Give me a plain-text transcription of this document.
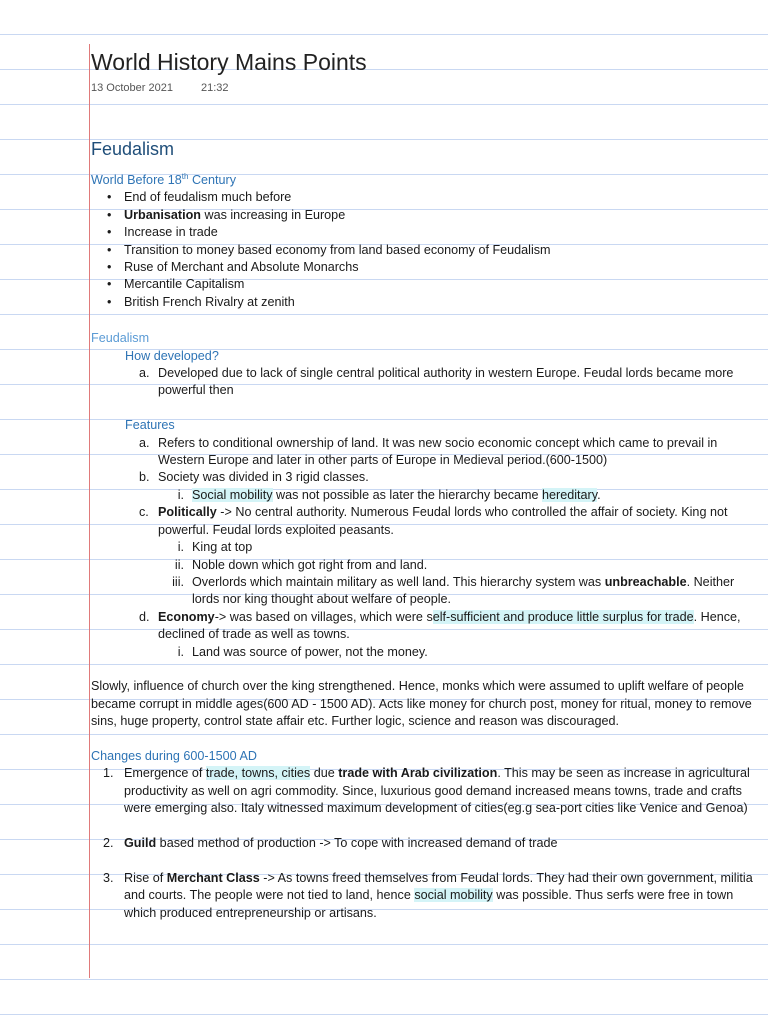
World History Mains Points
13 October 2021	21:32
Feudalism
World Before 18th Century
• End of feudalism much before
• Urbanisation was increasing in Europe
• Increase in trade
• Transition to money based economy from land based economy of Feudalism
• Ruse of Merchant and Absolute Monarchs
• Mercantile Capitalism
• British French Rivalry at zenith
Feudalism
How developed?
a. Developed due to lack of single central political authority in western Europe. Feudal lords became more powerful then
Features
a. Refers to conditional ownership of land. It was new socio economic concept which came to prevail in Western Europe and later in other parts of Europe in Medieval period.(600-1500)
b. Society was divided in 3 rigid classes.
i. Social mobility was not possible as later the hierarchy became hereditary.
c. Politically -> No central authority. Numerous Feudal lords who controlled the affair of society. King not powerful. Feudal lords exploited peasants.
i. King at top
ii. Noble down which got right from and land.
iii. Overlords which maintain military as well land. This hierarchy system was unbreachable. Neither lords nor king thought about welfare of people.
d. Economy-> was based on villages, which were self-sufficient and produce little surplus for trade. Hence, declined of trade as well as towns.
i. Land was source of power, not the money.
Slowly, influence of church over the king strengthened. Hence, monks which were assumed to uplift welfare of people became corrupt in middle ages(600 AD - 1500 AD). Acts like money for church post, money for ritual, money to remove sins, huge property, control state affair etc. Further logic, science and reason was discouraged.
Changes during 600-1500 AD
1. Emergence of trade, towns, cities due trade with Arab civilization. This may be seen as increase in agricultural productivity as well on agri commodity. Since, luxurious good demand increased means towns, trade and crafts were emerging also. Italy witnessed maximum development of cities(eg.g sea-port cities like Venice and Genoa)
2. Guild based method of production -> To cope with increased demand of trade
3. Rise of Merchant Class -> As towns freed themselves from Feudal lords. They had their own government, militia and courts. The people were not tied to land, hence social mobility was possible. Thus serfs were free in town which produced entrepreneurship or artisans.
